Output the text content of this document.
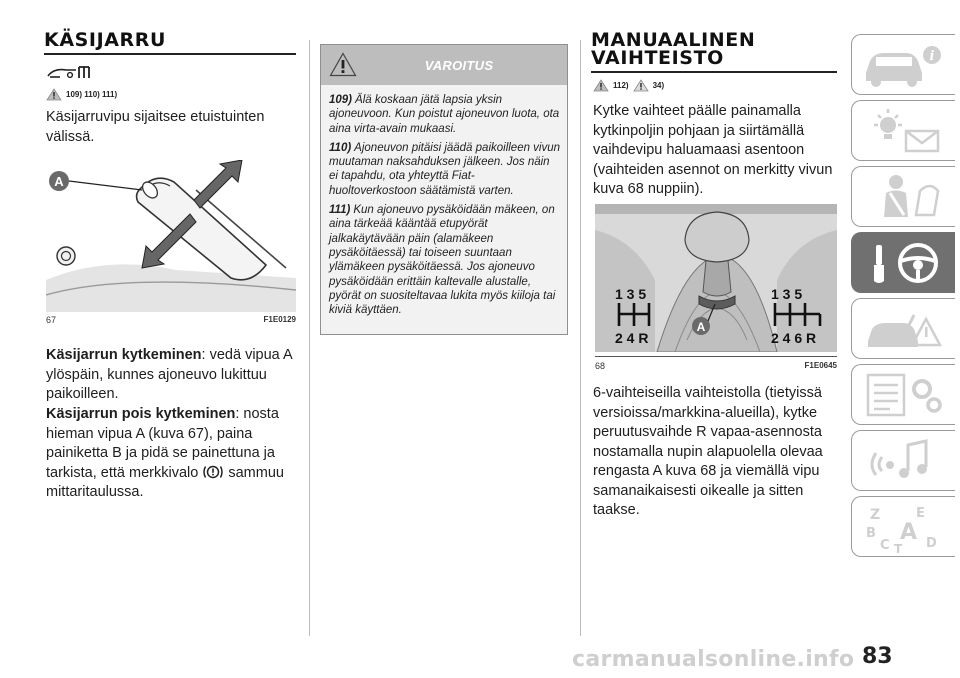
KÄSIJARRU
109) 110) 111)
Käsijarruvipu sijaitsee etuistuinten välissä.
A
67	F1E0129
Käsijarrun kytkeminen: vedä vipua A ylöspäin, kunnes ajoneuvo lukittuu paikoilleen.
Käsijarrun pois kytkeminen: nosta hieman vipua A (kuva 67), paina painiketta B ja pidä se painettuna ja tarkista, että merkkivalo  sammuu mittaritaulussa.
VAROITUS
109) Älä koskaan jätä lapsia yksin ajoneuvoon. Kun poistut ajoneuvon luota, ota aina virta-avain mukaasi.
110) Ajoneuvon pitäisi jäädä paikoilleen vivun muutaman naksahduksen jälkeen. Jos näin ei tapahdu, ota yhteyttä Fiat-huoltoverkostoon säätämistä varten.
111) Kun ajoneuvo pysäköidään mäkeen, on aina tärkeää kääntää etupyörät jalkakäytävään päin (alamäkeen pysäköitäessä) tai toiseen suuntaan ylämäkeen pysäköitäessä. Jos ajoneuvo pysäköidään erittäin kaltevalle alustalle, pyörät on suositeltavaa lukita myös kiiloja tai kiviä käyttäen.
MANUAALINEN
VAIHTEISTO
112)	34)
Kytke vaihteet päälle painamalla kytkinpoljin pohjaan ja siirtämällä vaihdevipu haluamaasi asentoon (vaihteiden asennot on merkitty vivun kuva 68 nuppiin).
A
1 3 5
2 4 R
1 3 5
2 4 6 R
68	F1E0645
6-vaihteiseilla vaihteistolla (tietyissä versioissa/markkina-alueilla), kytke peruutusvaihde R vapaa-asennosta nostamalla nupin alapuolella olevaa rengasta A kuva 68 ja viemällä vipu samanaikaisesti oikealle ja sitten taakse.
i
Z	E
B A
C T D
83
carmanualsonline.info
